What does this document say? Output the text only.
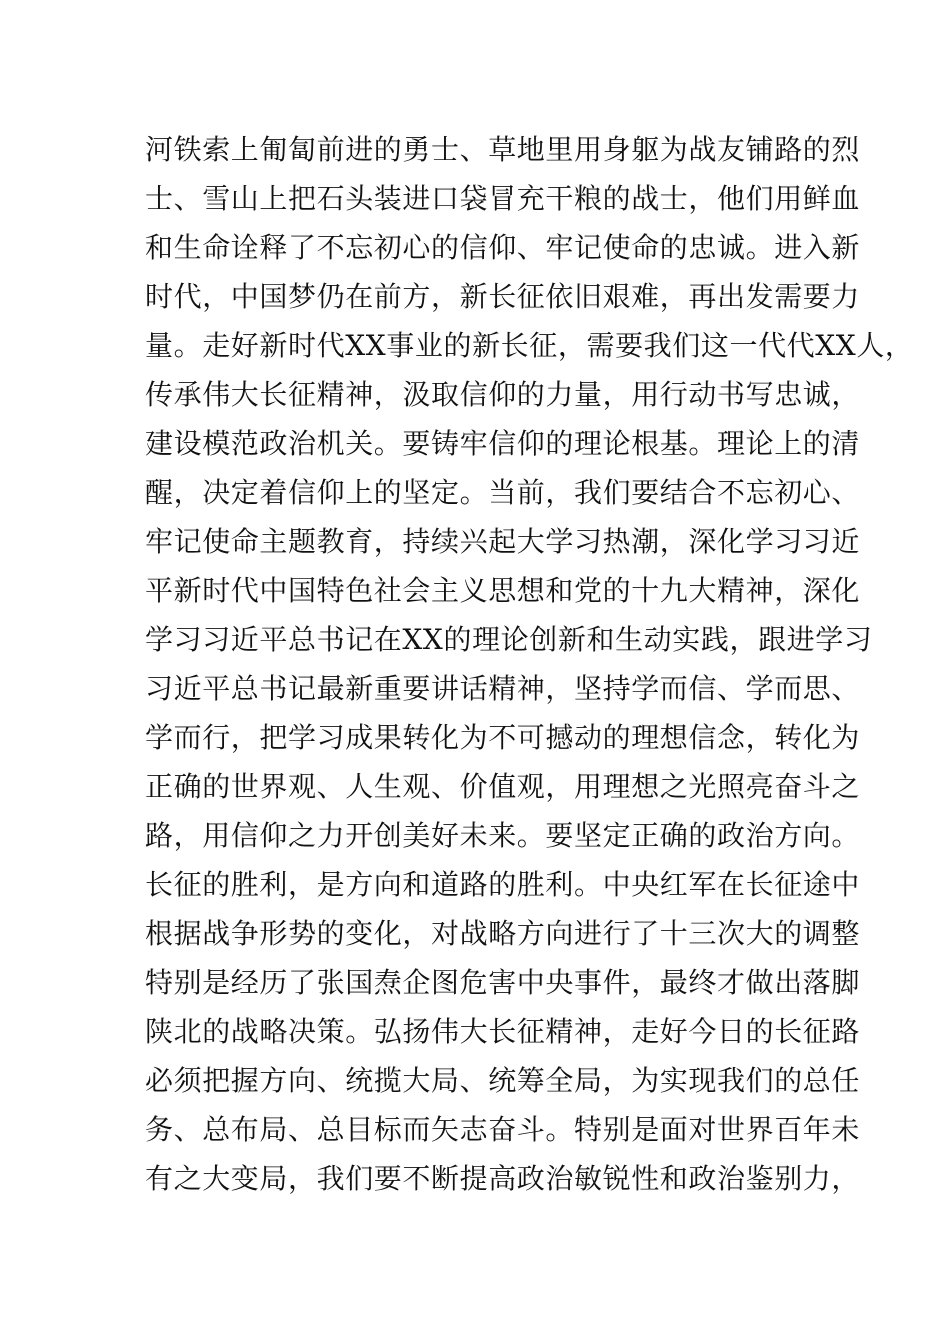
河铁索上匍匐前进的勇士、草地里用身躯为战友铺路的烈
士、雪山上把石头装进口袋冒充干粮的战士，他们用鲜血
和生命诠释了不忘初心的信仰、牢记使命的忠诚。进入新
时代，中国梦仍在前方，新长征依旧艰难，再出发需要力
量。走好新时代XX事业的新长征，需要我们这一代代XX人，
传承伟大长征精神，汲取信仰的力量，用行动书写忠诚，
建设模范政治机关。要铸牢信仰的理论根基。理论上的清
醒，决定着信仰上的坚定。当前，我们要结合不忘初心、
牢记使命主题教育，持续兴起大学习热潮，深化学习习近
平新时代中国特色社会主义思想和党的十九大精神，深化
学习习近平总书记在XX的理论创新和生动实践，跟进学习
习近平总书记最新重要讲话精神，坚持学而信、学而思、
学而行，把学习成果转化为不可撼动的理想信念，转化为
正确的世界观、人生观、价值观，用理想之光照亮奋斗之
路，用信仰之力开创美好未来。要坚定正确的政治方向。
长征的胜利，是方向和道路的胜利。中央红军在长征途中
根据战争形势的变化，对战略方向进行了十三次大的调整
特别是经历了张国焘企图危害中央事件，最终才做出落脚
陕北的战略决策。弘扬伟大长征精神，走好今日的长征路
必须把握方向、统揽大局、统筹全局，为实现我们的总任
务、总布局、总目标而矢志奋斗。特别是面对世界百年未
有之大变局，我们要不断提高政治敏锐性和政治鉴别力，
